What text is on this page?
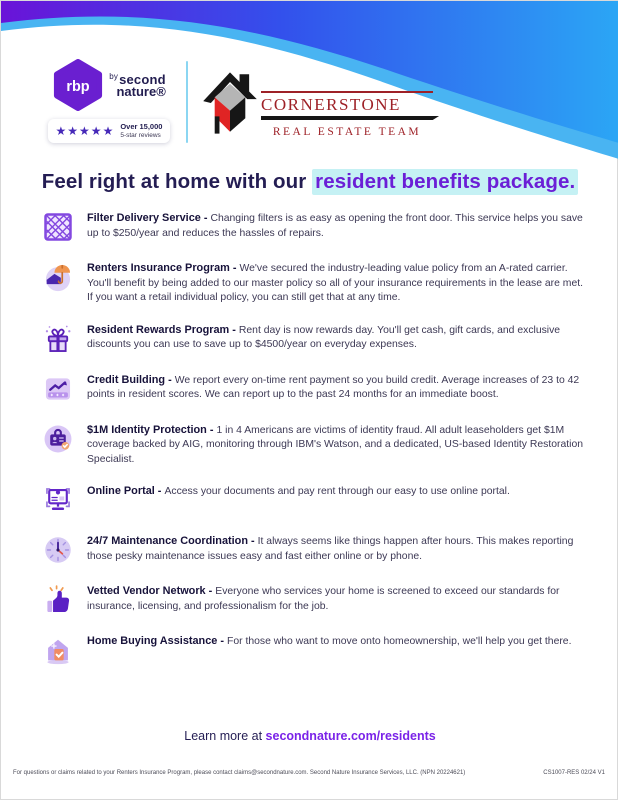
rbp
$^{by}$second
nature®
★★★★★ Over 15,000
5-star reviews
CORNERSTONE
REAL ESTATE TEAM
Feel right at home with our resident benefits package.

Filter Delivery Service - Changing filters is as easy as opening the front door. This service helps you save up to $250/year and reduces the hassles of repairs.

Renters Insurance Program - We've secured the industry-leading value policy from an A-rated carrier. You'll benefit by being added to our master policy so all of your insurance requirements in the lease are met. If you want a retail individual policy, you can still get that at any time.

Resident Rewards Program - Rent day is now rewards day. You'll get cash, gift cards, and exclusive discounts you can use to save up to $4500/year on everyday expenses.

Credit Building - We report every on-time rent payment so you build credit. Average increases of 23 to 42 points in resident scores. We can report up to the past 24 months for an immediate boost.

$1M Identity Protection - 1 in 4 Americans are victims of identity fraud. All adult leaseholders get $1M coverage backed by AIG, monitoring through IBM's Watson, and a dedicated, US-based Identity Restoration Specialist.

Online Portal - Access your documents and pay rent through our easy to use online portal.

24/7 Maintenance Coordination - It always seems like things happen after hours. This makes reporting those pesky maintenance issues easy and fast either online or by phone.

Vetted Vendor Network - Everyone who services your home is screened to exceed our standards for insurance, licensing, and professionalism for the job.

Home Buying Assistance - For those who want to move onto homeownership, we'll help you get there.

Learn more at secondnature.com/residents
For questions or claims related to your Renters Insurance Program, please contact claims@secondnature.com. Second Nature Insurance Services, LLC. (NPN 20224621)	CS1007-RES 02/24 V1
